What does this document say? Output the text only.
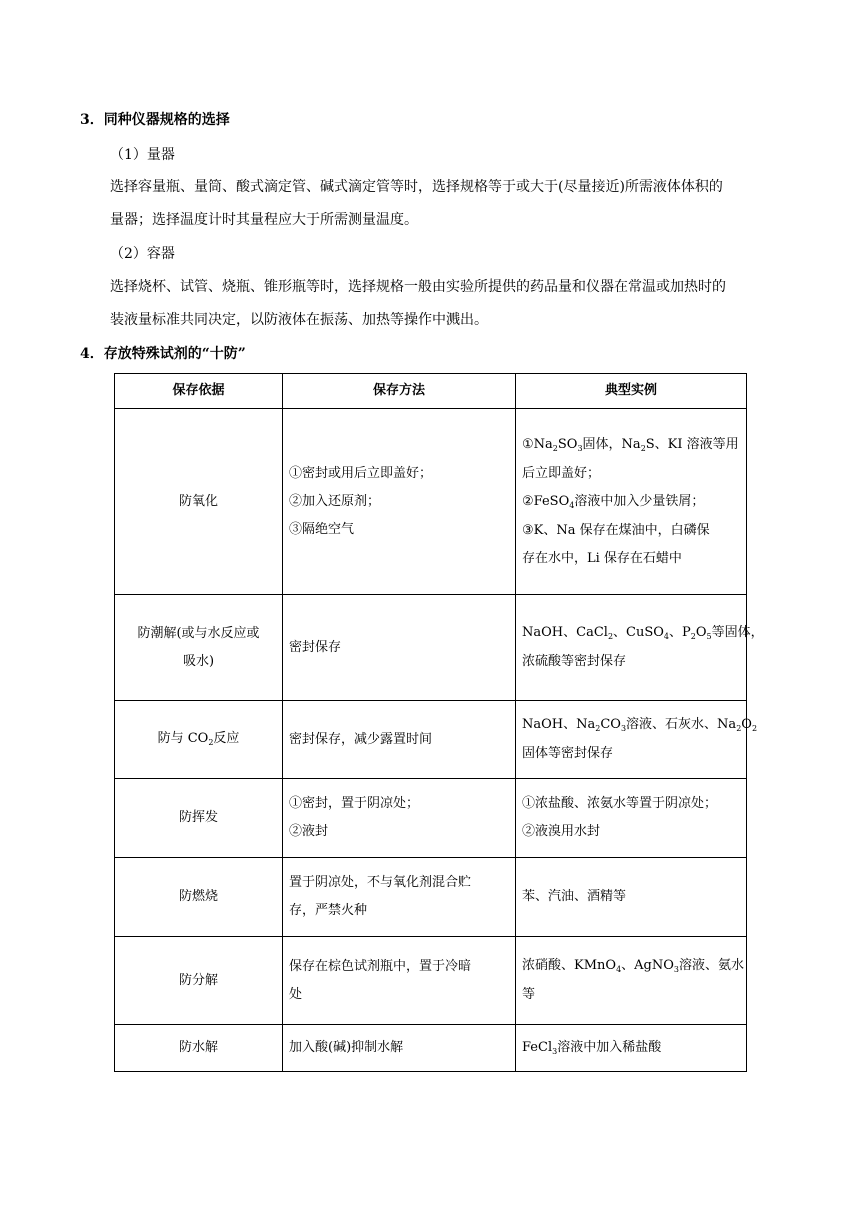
3．同种仪器规格的选择
（1）量器
选择容量瓶、量筒、酸式滴定管、碱式滴定管等时，选择规格等于或大于(尽量接近)所需液体体积的
量器；选择温度计时其量程应大于所需测量温度。
（2）容器
选择烧杯、试管、烧瓶、锥形瓶等时，选择规格一般由实验所提供的药品量和仪器在常温或加热时的
装液量标准共同决定，以防液体在振荡、加热等操作中溅出。
4．存放特殊试剂的“十防”
保存依据	保存方法	典型实例
防氧化	①密封或用后立即盖好；
②加入还原剂；
③隔绝空气	$①Na_2SO_3$固体，$Na_2S$、KI 溶液等用
后立即盖好；
②FeSO$_4$溶液中加入少量铁屑；
③K、Na 保存在煤油中，白磷保
存在水中，Li 保存在石蜡中

防潮解(或与水反应或
吸水)	密封保存	NaOH、CaCl$_2$、CuSO$_4$、$P_2O_5$等固体，
浓硫酸等密封保存

防与 $CO_2$反应	密封保存，减少露置时间	NaOH、$Na_2CO_3$溶液、石灰水、$Na_2O_2$
固体等密封保存

防挥发	①密封，置于阴凉处；
②液封	①浓盐酸、浓氨水等置于阴凉处；
②液溴用水封

防燃烧	置于阴凉处，不与氧化剂混合贮
存，严禁火种	苯、汽油、酒精等

防分解	保存在棕色试剂瓶中，置于冷暗
处	浓硝酸、KMnO$_4$、AgNO$_3$溶液、氨水
等

防水解	加入酸(碱)抑制水解	FeCl$_3$溶液中加入稀盐酸
